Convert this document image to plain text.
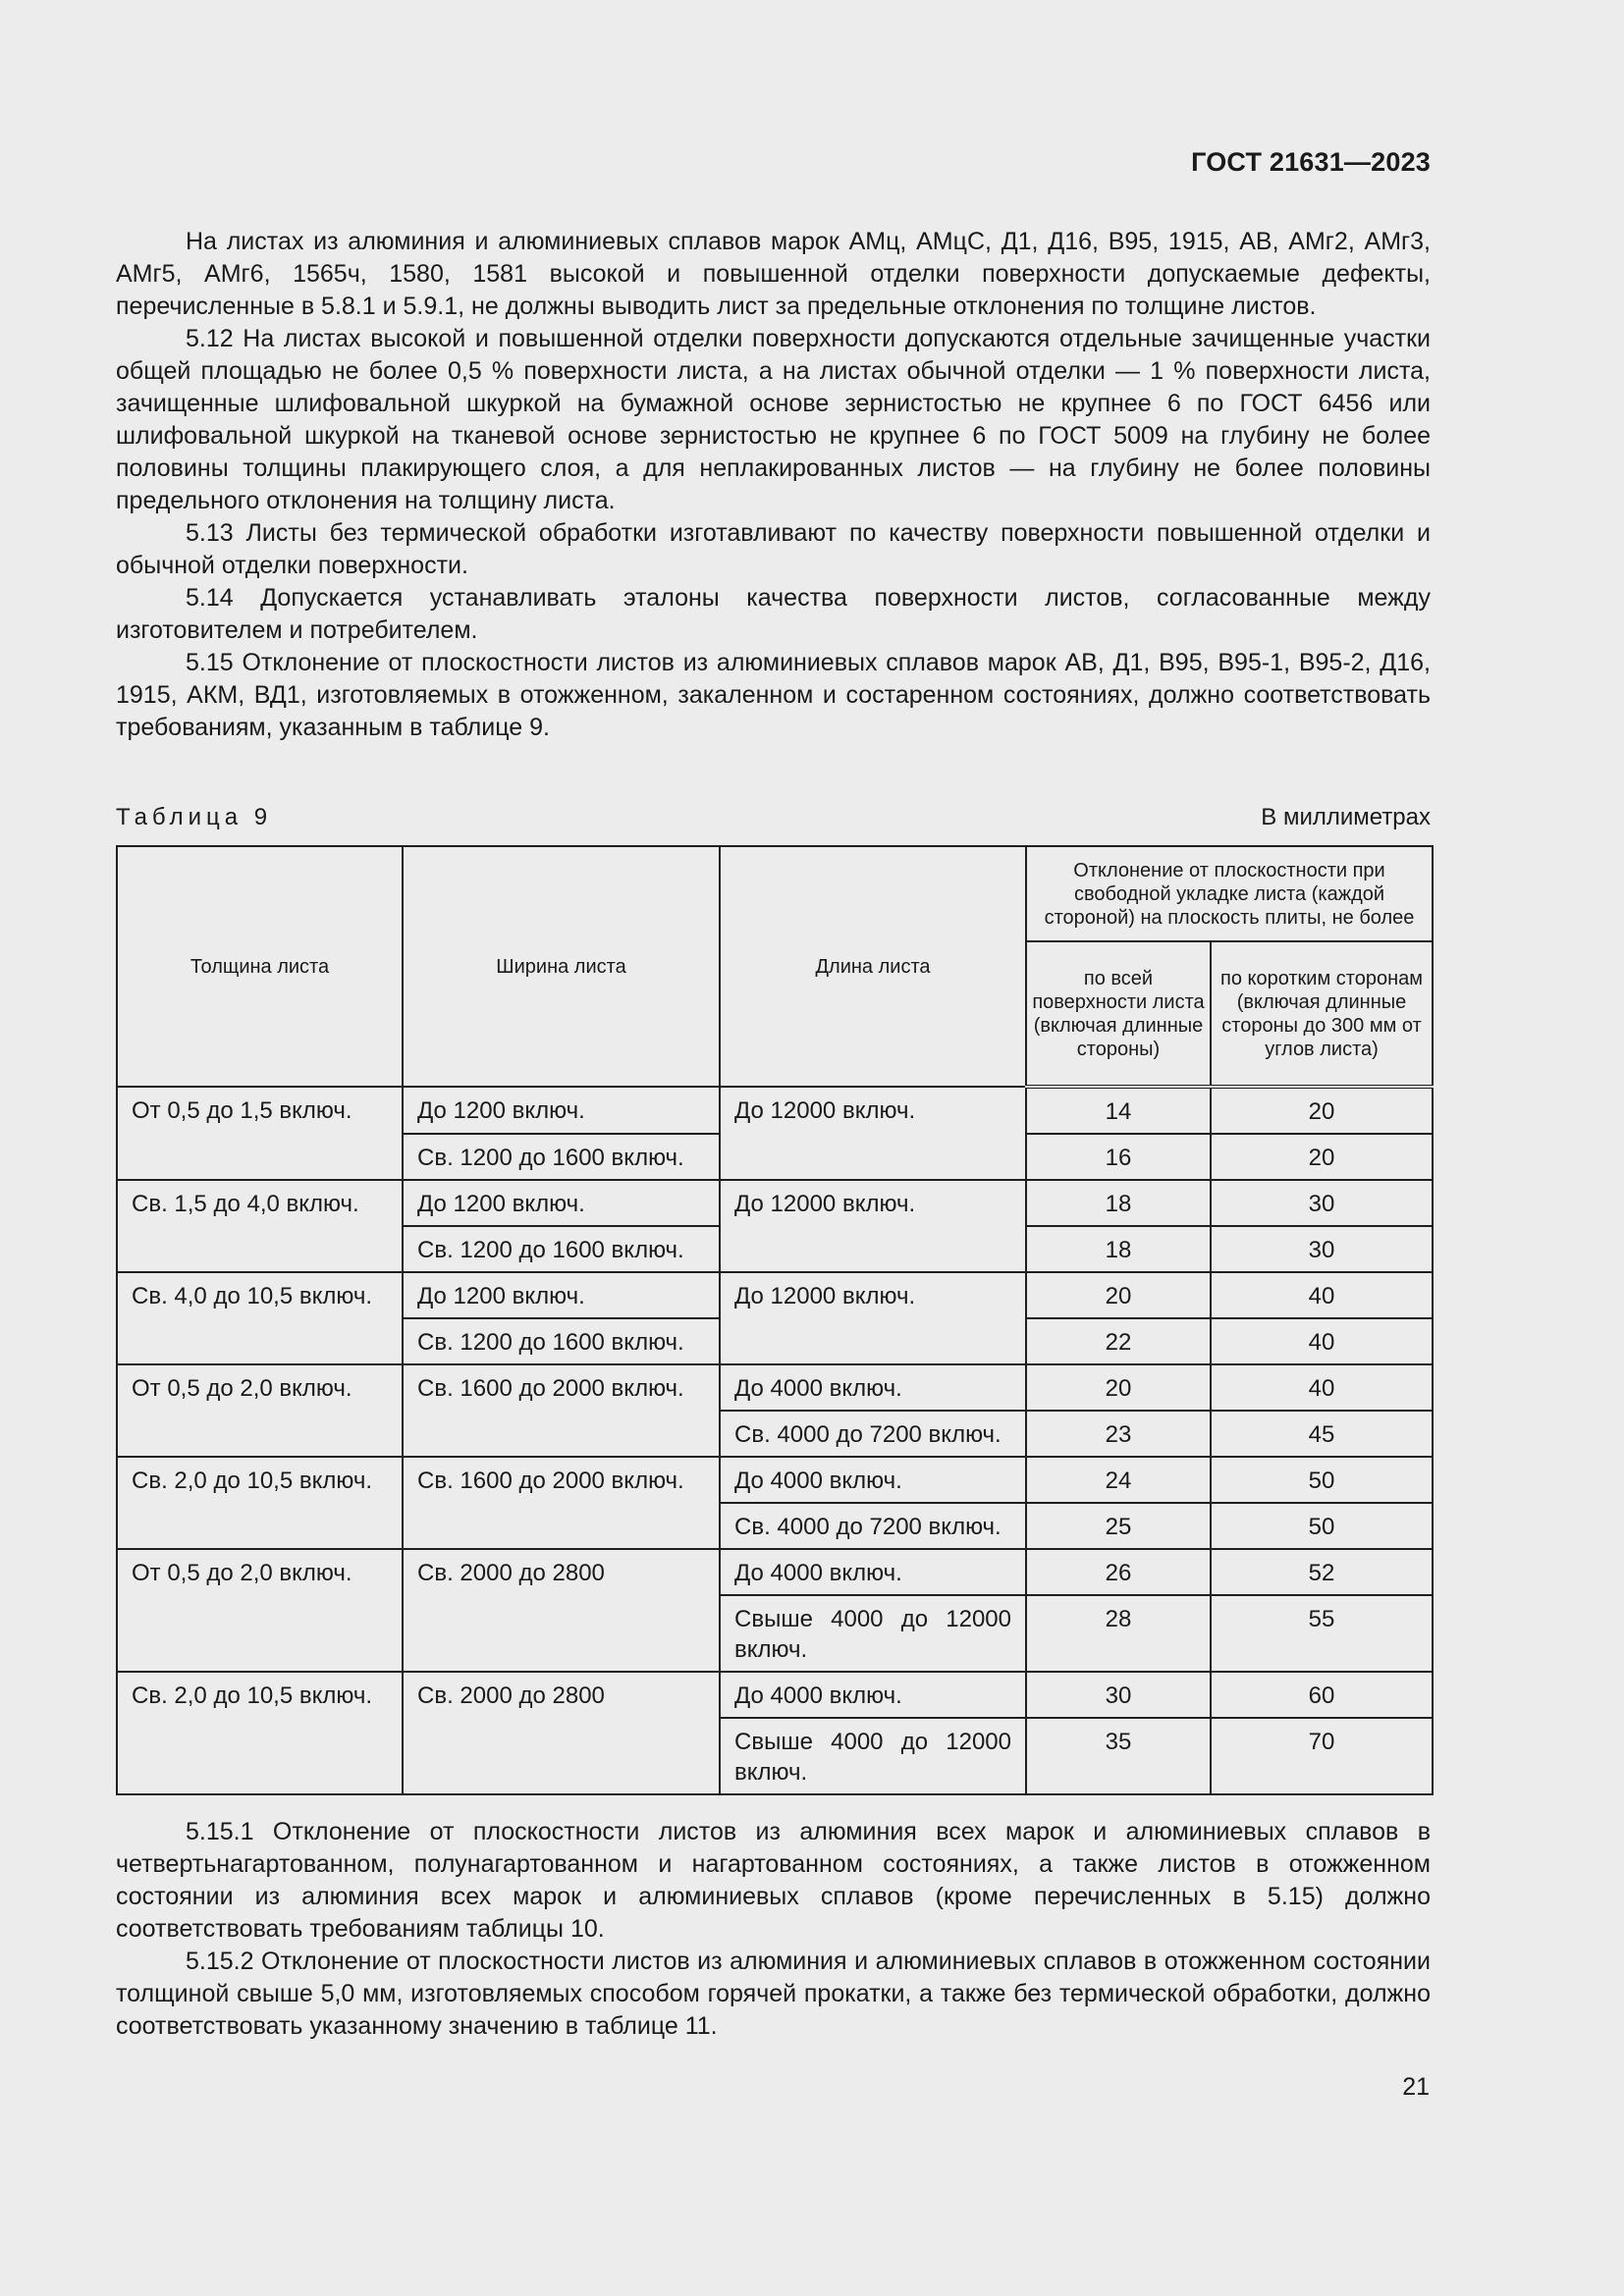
ГОСТ 21631—2023

На листах из алюминия и алюминиевых сплавов марок АМц, АМцС, Д1, Д16, В95, 1915, АВ, АМг2, АМг3, АМг5, АМг6, 1565ч, 1580, 1581 высокой и повышенной отделки поверхности допускаемые дефекты, перечисленные в 5.8.1 и 5.9.1, не должны выводить лист за предельные отклонения по толщине листов.

5.12 На листах высокой и повышенной отделки поверхности допускаются отдельные зачищенные участки общей площадью не более 0,5 % поверхности листа, а на листах обычной отделки — 1 % поверхности листа, зачищенные шлифовальной шкуркой на бумажной основе зернистостью не крупнее 6 по ГОСТ 6456 или шлифовальной шкуркой на тканевой основе зернистостью не крупнее 6 по ГОСТ 5009 на глубину не более половины толщины плакирующего слоя, а для неплакированных листов — на глубину не более половины предельного отклонения на толщину листа.

5.13 Листы без термической обработки изготавливают по качеству поверхности повышенной отделки и обычной отделки поверхности.

5.14 Допускается устанавливать эталоны качества поверхности листов, согласованные между изготовителем и потребителем.

5.15 Отклонение от плоскостности листов из алюминиевых сплавов марок АВ, Д1, В95, В95-1, В95-2, Д16, 1915, АКМ, ВД1, изготовляемых в отожженном, закаленном и состаренном состояниях, должно соответствовать требованиям, указанным в таблице 9.

Таблица 9	В миллиметрах
Толщина листа	Ширина листа	Длина листа	Отклонение от плоскостности при свободной укладке листа (каждой стороной) на плоскость плиты, не более	
			по всей поверхности листа (включая длинные стороны)	по коротким сторонам (включая длинные стороны до 300 мм от углов листа)
От 0,5 до 1,5 включ.	До 1200 включ.	До 12000 включ.	14	20
	Св. 1200 до 1600 включ.		16	20
Св. 1,5 до 4,0 включ.	До 1200 включ.	До 12000 включ.	18	30
	Св. 1200 до 1600 включ.		18	30
Св. 4,0 до 10,5 включ.	До 1200 включ.	До 12000 включ.	20	40
	Св. 1200 до 1600 включ.		22	40
От 0,5 до 2,0 включ.	Св. 1600 до 2000 включ.	До 4000 включ.	20	40
		Св. 4000 до 7200 включ.	23	45
Св. 2,0 до 10,5 включ.	Св. 1600 до 2000 включ.	До 4000 включ.	24	50
		Св. 4000 до 7200 включ.	25	50
От 0,5 до 2,0 включ.	Св. 2000 до 2800	До 4000 включ.	26	52

		Свыше 4000 до 12000
включ.	28	55
Св. 2,0 до 10,5 включ.	Св. 2000 до 2800	До 4000 включ.	30	60

		Свыше 4000 до 12000
включ.	35	70

5.15.1 Отклонение от плоскостности листов из алюминия всех марок и алюминиевых сплавов в четвертьнагартованном, полунагартованном и нагартованном состояниях, а также листов в отожженном состоянии из алюминия всех марок и алюминиевых сплавов (кроме перечисленных в 5.15) должно соответствовать требованиям таблицы 10.

5.15.2 Отклонение от плоскостности листов из алюминия и алюминиевых сплавов в отожженном состоянии толщиной свыше 5,0 мм, изготовляемых способом горячей прокатки, а также без термической обработки, должно соответствовать указанному значению в таблице 11.

21
